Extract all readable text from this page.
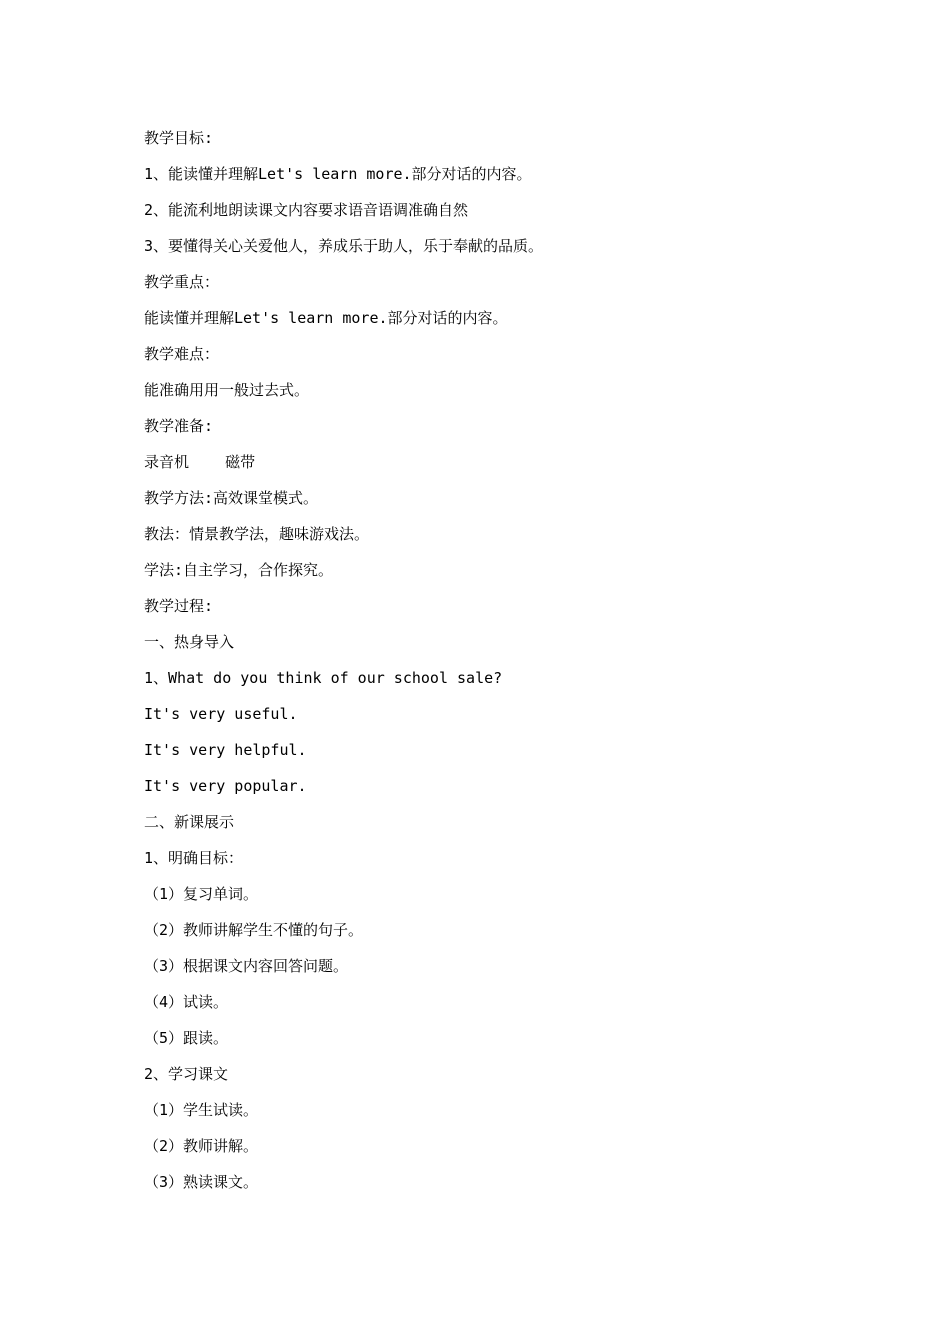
教学目标:
1、能读懂并理解Let's learn more.部分对话的内容。
2、能流利地朗读课文内容要求语音语调准确自然
3、要懂得关心关爱他人，养成乐于助人，乐于奉献的品质。
教学重点：
能读懂并理解Let's learn more.部分对话的内容。
教学难点：
能准确用用一般过去式。
教学准备:
录音机    磁带
教学方法:高效课堂模式。
教法：情景教学法，趣味游戏法。
学法:自主学习，合作探究。
教学过程:
一、热身导入
1、What do you think of our school sale?
It's very useful.
It's very helpful.
It's very popular.
二、新课展示
1、明确目标：
（1）复习单词。
（2）教师讲解学生不懂的句子。
（3）根据课文内容回答问题。
（4）试读。
（5）跟读。
2、学习课文
（1）学生试读。
（2）教师讲解。
（3）熟读课文。
